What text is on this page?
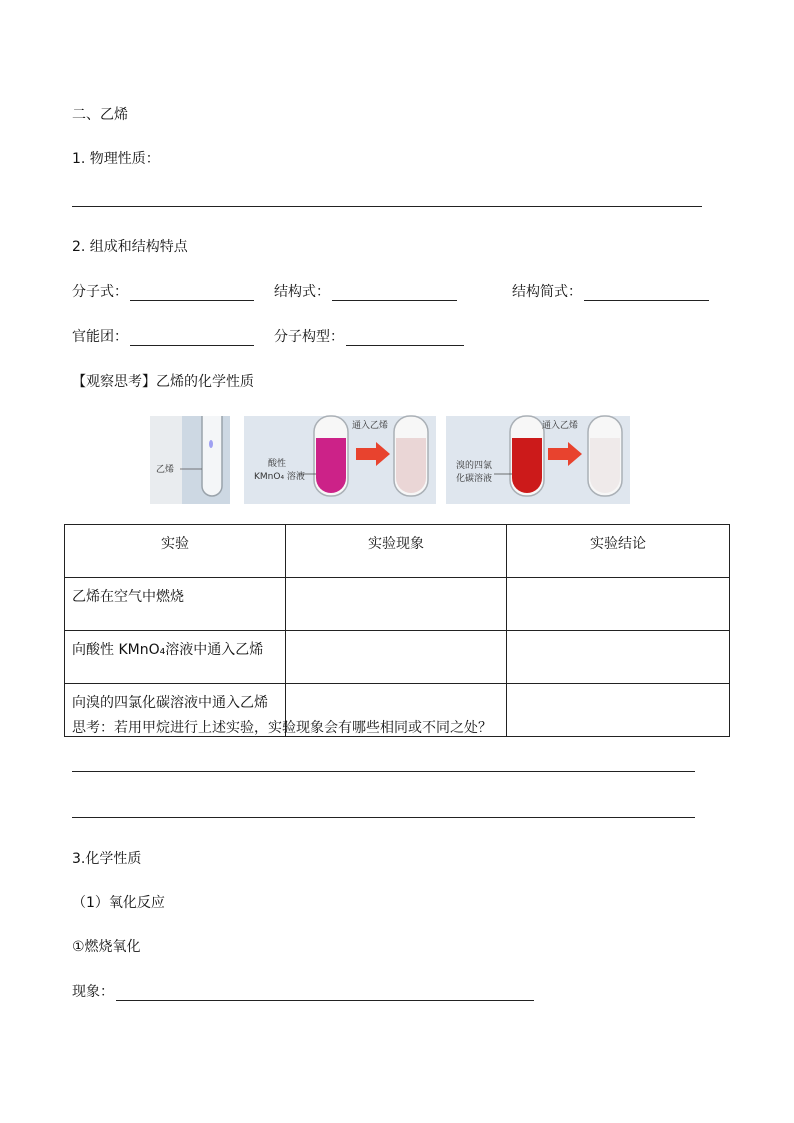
二、乙烯
1. 物理性质：
2. 组成和结构特点
分子式：	结构式：	结构简式：
官能团：	分子构型：
【观察思考】乙烯的化学性质
乙烯
酸性
KMnO₄ 溶液
通入乙烯
溴的四氯
化碳溶液
通入乙烯
实验	实验现象	实验结论
乙烯在空气中燃烧		
向酸性 KMnO₄溶液中通入乙烯		
向溴的四氯化碳溶液中通入乙烯		
思考：若用甲烷进行上述实验，实验现象会有哪些相同或不同之处？
3.化学性质
（1）氧化反应
①燃烧氧化
现象：
